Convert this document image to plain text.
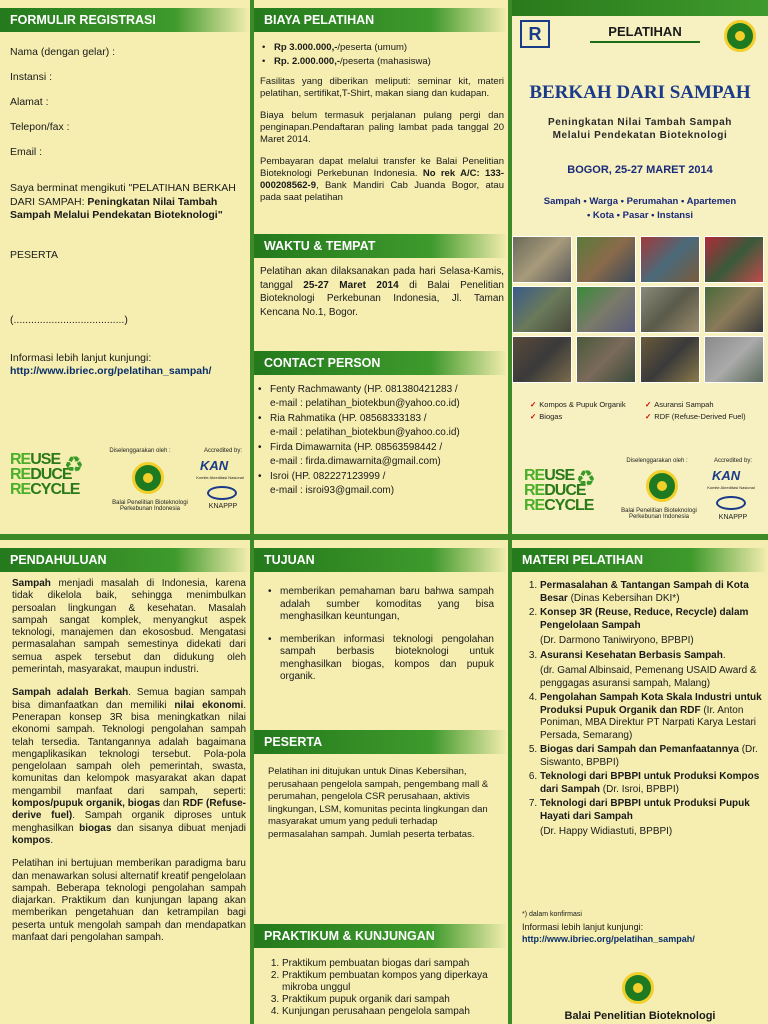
FORMULIR REGISTRASI
Nama (dengan gelar) :
Instansi :
Alamat :
Telepon/fax :
Email :
Saya berminat mengikuti "PELATIHAN BERKAH DARI SAMPAH: Peningkatan Nilai Tambah Sampah Melalui Pendekatan Bioteknologi"
PESERTA
(......................................)
Informasi lebih lanjut kunjungi:
http://www.ibriec.org/pelatihan_sampah/
REUSE
REDUCE
RECYCLE
♻
Diselenggarakan oleh :
Balai Penelitian Bioteknologi Perkebunan Indonesia
Accredited by:
KAN
Komite Akreditasi Nasional
KNAPPP
BIAYA PELATIHAN
• Rp 3.000.000,-/peserta (umum)
• Rp. 2.000.000,-/peserta (mahasiswa)

Fasilitas yang diberikan meliputi: seminar kit, materi pelatihan, sertifikat,T-Shirt, makan siang dan kudapan.

Biaya belum termasuk perjalanan pulang pergi dan penginapan.Pendaftaran paling lambat pada tanggal 20 Maret 2014.

Pembayaran dapat melalui transfer ke Balai Penelitian Bioteknologi Perkebunan Indonesia. No rek A/C: 133-000208562-9, Bank Mandiri Cab Juanda Bogor, atau pada saat pelatihan

WAKTU & TEMPAT
Pelatihan akan dilaksanakan pada hari Selasa-Kamis, tanggal 25-27 Maret 2014 di Balai Penelitian Bioteknologi Perkebunan Indonesia, Jl. Taman Kencana No.1, Bogor.
CONTACT PERSON
• Fenty Rachmawanty (HP. 081380421283 /
e-mail : pelatihan_biotekbun@yahoo.co.id)
• Ria Rahmatika (HP. 08568333183 /
e-mail : pelatihan_biotekbun@yahoo.co.id)
• Firda Dimawarnita (HP. 08563598442 /
e-mail : firda.dimawarnita@gmail.com)
• Isroi (HP. 082227123999 /
e-mail : isroi93@gmail.com)
R	PELATIHAN
BERKAH DARI SAMPAH
Peningkatan Nilai Tambah Sampah
Melalui Pendekatan Bioteknologi
BOGOR, 25-27 MARET 2014
Sampah • Warga • Perumahan • Apartemen
• Kota • Pasar • Instansi
✓ Kompos & Pupuk Organik	✓ Asuransi Sampah
✓ Biogas	✓ RDF (Refuse-Derived Fuel)
REUSE
REDUCE
RECYCLE
♻
Diselenggarakan oleh :
Balai Penelitian Bioteknologi Perkebunan Indonesia
Accredited by:
KAN
Komite Akreditasi Nasional
KNAPPP
PENDAHULUAN

Sampah menjadi masalah di Indonesia, karena tidak dikelola baik, sehingga menimbulkan persoalan lingkungan & kesehatan. Masalah sampah sangat komplek, menyangkut aspek teknologi, manajemen dan ekososbud. Mengatasi permasalahan sampah semestinya didekati dari semua aspek tersebut dan didukung oleh pemerintah, masyarakat, maupun industri.

Sampah adalah Berkah. Semua bagian sampah bisa dimanfaatkan dan memiliki nilai ekonomi. Penerapan konsep 3R bisa meningkatkan nilai ekonomi sampah. Teknologi pengolahan sampah telah tersedia. Tantangannya adalah bagaimana mengaplikasikan teknologi tersebut. Pola-pola pengelolaan sampah oleh pemerintah, swasta, komunitas dan kelompok masyarakat akan dapat mengambil manfaat dari sampah, seperti: kompos/pupuk organik, biogas dan RDF (Refuse-derive fuel). Sampah organik diproses untuk menghasilkan biogas dan sisanya dibuat menjadi kompos.

Pelatihan ini bertujuan memberikan paradigma baru dan menawarkan solusi alternatif kreatif pengelolaan sampah. Beberapa teknologi pengolahan sampah diajarkan. Praktikum dan kunjungan lapang akan memberikan pengetahuan dan ketrampilan bagi peserta untuk mengolah sampah dan mendapatkan manfaat dari pengolahan sampah.

TUJUAN
• memberikan pemahaman baru bahwa sampah adalah sumber komoditas yang bisa menghasilkan keuntungan,
• memberikan informasi teknologi pengolahan sampah berbasis bioteknologi untuk menghasilkan biogas, kompos dan pupuk organik.
PESERTA
Pelatihan ini ditujukan untuk Dinas Kebersihan, perusahaan pengelola sampah, pengembang mall & perumahan, pengelola CSR perusahaan, aktivis lingkungan, LSM, komunitas pecinta lingkungan dan masyarakat umum yang peduli terhadap permasalahan sampah. Jumlah peserta terbatas.
PRAKTIKUM & KUNJUNGAN
1. Praktikum pembuatan biogas dari sampah
2. Praktikum pembuatan kompos yang diperkaya mikroba unggul
3. Praktikum pupuk organik dari sampah
4. Kunjungan perusahaan pengelola sampah
MATERI PELATIHAN
1. Permasalahan & Tantangan Sampah di Kota Besar (Dinas Kebersihan DKI*)
2. Konsep 3R (Reuse, Reduce, Recycle) dalam Pengelolaan Sampah
(Dr. Darmono Taniwiryono, BPBPI)
3. Asuransi Kesehatan Berbasis Sampah.
(dr. Gamal Albinsaid, Pemenang USAID Award & penggagas asuransi sampah, Malang)
4. Pengolahan Sampah Kota Skala Industri untuk Produksi Pupuk Organik dan RDF (Ir. Anton Poniman, MBA Direktur PT Narpati Karya Lestari Persada, Semarang)
5. Biogas dari Sampah dan Pemanfaatannya (Dr. Siswanto, BPBPI)
6. Teknologi dari BPBPI untuk Produksi Kompos dari Sampah (Dr. Isroi, BPBPI)
7. Teknologi dari BPBPI untuk Produksi Pupuk Hayati dari Sampah
(Dr. Happy Widiastuti, BPBPI)
*) dalam konfirmasi
Informasi lebih lanjut kunjungi:
http://www.ibriec.org/pelatihan_sampah/
Balai Penelitian Bioteknologi
